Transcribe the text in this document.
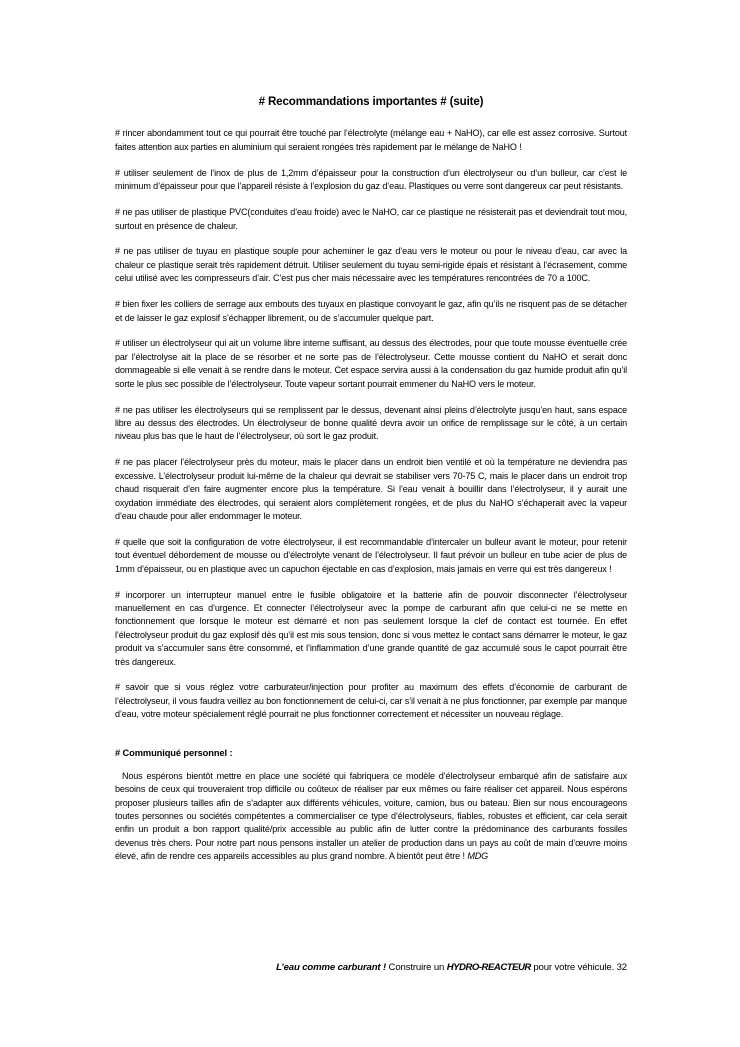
# Recommandations importantes # (suite)

# rincer abondamment tout ce qui pourrait être touché par l’électrolyte (mélange eau + NaHO), car elle est assez corrosive. Surtout faites attention aux parties en aluminium qui seraient rongées très rapidement par le mélange de NaHO !

# utiliser seulement de l’inox de plus de 1,2mm d’épaisseur pour la construction d’un électrolyseur ou d’un bulleur, car c’est le minimum d’épaisseur pour que l’appareil résiste à l’explosion du gaz d’eau. Plastiques ou verre sont dangereux car peut résistants.

# ne pas utiliser de plastique PVC(conduites d’eau froide) avec le NaHO, car ce plastique ne résisterait pas et deviendrait tout mou, surtout en présence de chaleur.

# ne pas utiliser de tuyau en plastique souple pour acheminer le gaz d’eau vers le moteur ou pour le niveau d’eau, car avec la chaleur ce plastique serait très rapidement détruit. Utiliser seulement du tuyau semi-rigide épais et résistant à l’écrasement, comme celui utilisé avec les compresseurs d’air. C’est pus cher mais nécessaire avec les températures rencontrées de 70 a 100C.

# bien fixer les colliers de serrage aux embouts des tuyaux en plastique convoyant le gaz, afin qu’ils ne risquent pas de se détacher et de laisser le gaz explosif s’échapper librement, ou de s’accumuler quelque part.

# utiliser un électrolyseur qui ait un volume libre interne suffisant, au dessus des électrodes, pour que toute mousse éventuelle crée par l’électrolyse ait la place de se résorber et ne sorte pas de l’électrolyseur. Cette mousse contient du NaHO et serait donc dommageable si elle venait à se rendre dans le moteur. Cet espace servira aussi à la condensation du gaz humide produit afin qu’il sorte le plus sec possible de l’électrolyseur. Toute vapeur sortant pourrait emmener du NaHO vers le moteur.

# ne pas utiliser les électrolyseurs qui se remplissent par le dessus, devenant ainsi pleins d’électrolyte jusqu’en haut, sans espace libre au dessus des électrodes. Un électrolyseur de bonne qualité devra avoir un orifice de remplissage sur le côté, à un certain niveau plus bas que le haut de l’électrolyseur, où sort le gaz produit.

# ne pas placer l’électrolyseur près du moteur, mais le placer dans un endroit bien ventilé et où la température ne deviendra pas excessive. L’électrolyseur produit lui-même de la chaleur qui devrait se stabiliser vers 70-75 C, mais le placer dans un endroit trop chaud risquerait d’en faire augmenter encore plus la température. Si l’eau venait à bouillir dans l’électrolyseur, il y aurait une oxydation immédiate des électrodes, qui seraient alors complètement rongées, et de plus du NaHO s’échaperait avec la vapeur d’eau chaude pour aller endommager le moteur.

# quelle que soit la configuration de votre électrolyseur, il est recommandable d’intercaler un bulleur avant le moteur, pour retenir tout éventuel débordement de mousse ou d’électrolyte venant de l’électrolyseur. Il faut prévoir un bulleur en tube acier de plus de 1mm d’épaisseur, ou en plastique avec un capuchon éjectable en cas d’explosion, mais jamais en verre qui est très dangereux !

# incorporer un interrupteur manuel entre le fusible obligatoire et la batterie afin de pouvoir disconnecter l’électrolyseur manuellement en cas d’urgence. Et connecter l’électrolyseur avec la pompe de carburant afin que celui-ci ne se mette en fonctionnement que lorsque le moteur est démarré et non pas seulement lorsque la clef de contact est tournée. En effet l’électrolyseur produit du gaz explosif dès qu’il est mis sous tension, donc si vous mettez le contact sans démarrer le moteur, le gaz produit va s’accumuler sans être consommé, et l’inflammation d’une grande quantité de gaz accumulé sous le capot pourrait être très dangereux.

# savoir que si vous réglez votre carburateur/injection pour profiter au maximum des effets d’économie de carburant de l’électrolyseur, il vous faudra veillez au bon fonctionnement de celui-ci, car s’il venait à ne plus fonctionner, par exemple par manque d’eau, votre moteur spécialement réglé pourrait ne plus fonctionner correctement et nécessiter un nouveau réglage.

# Communiqué personnel :

Nous espérons bientôt mettre en place une société qui fabriquera ce modèle d’électrolyseur embarqué afin de satisfaire aux besoins de ceux qui trouveraient trop difficile ou coûteux de réaliser par eux mêmes ou faire réaliser cet appareil. Nous espérons proposer plusieurs tailles afin de s’adapter aux différents véhicules, voiture, camion, bus ou bateau. Bien sur nous encourageons toutes personnes ou sociétés compétentes a commercialiser ce type d’électrolyseurs, fiables, robustes et efficient, car cela serait enfin un produit a bon rapport qualité/prix accessible au public afin de lutter contre la prédominance des carburants fossiles devenus très chers. Pour notre part nous pensons installer un atelier de production dans un pays au coût de main d’œuvre moins élevé, afin de rendre ces appareils accessibles au plus grand nombre. A bientôt peut être ! MDG

L’eau comme carburant ! Construire un HYDRO-REACTEUR pour votre véhicule. 32
